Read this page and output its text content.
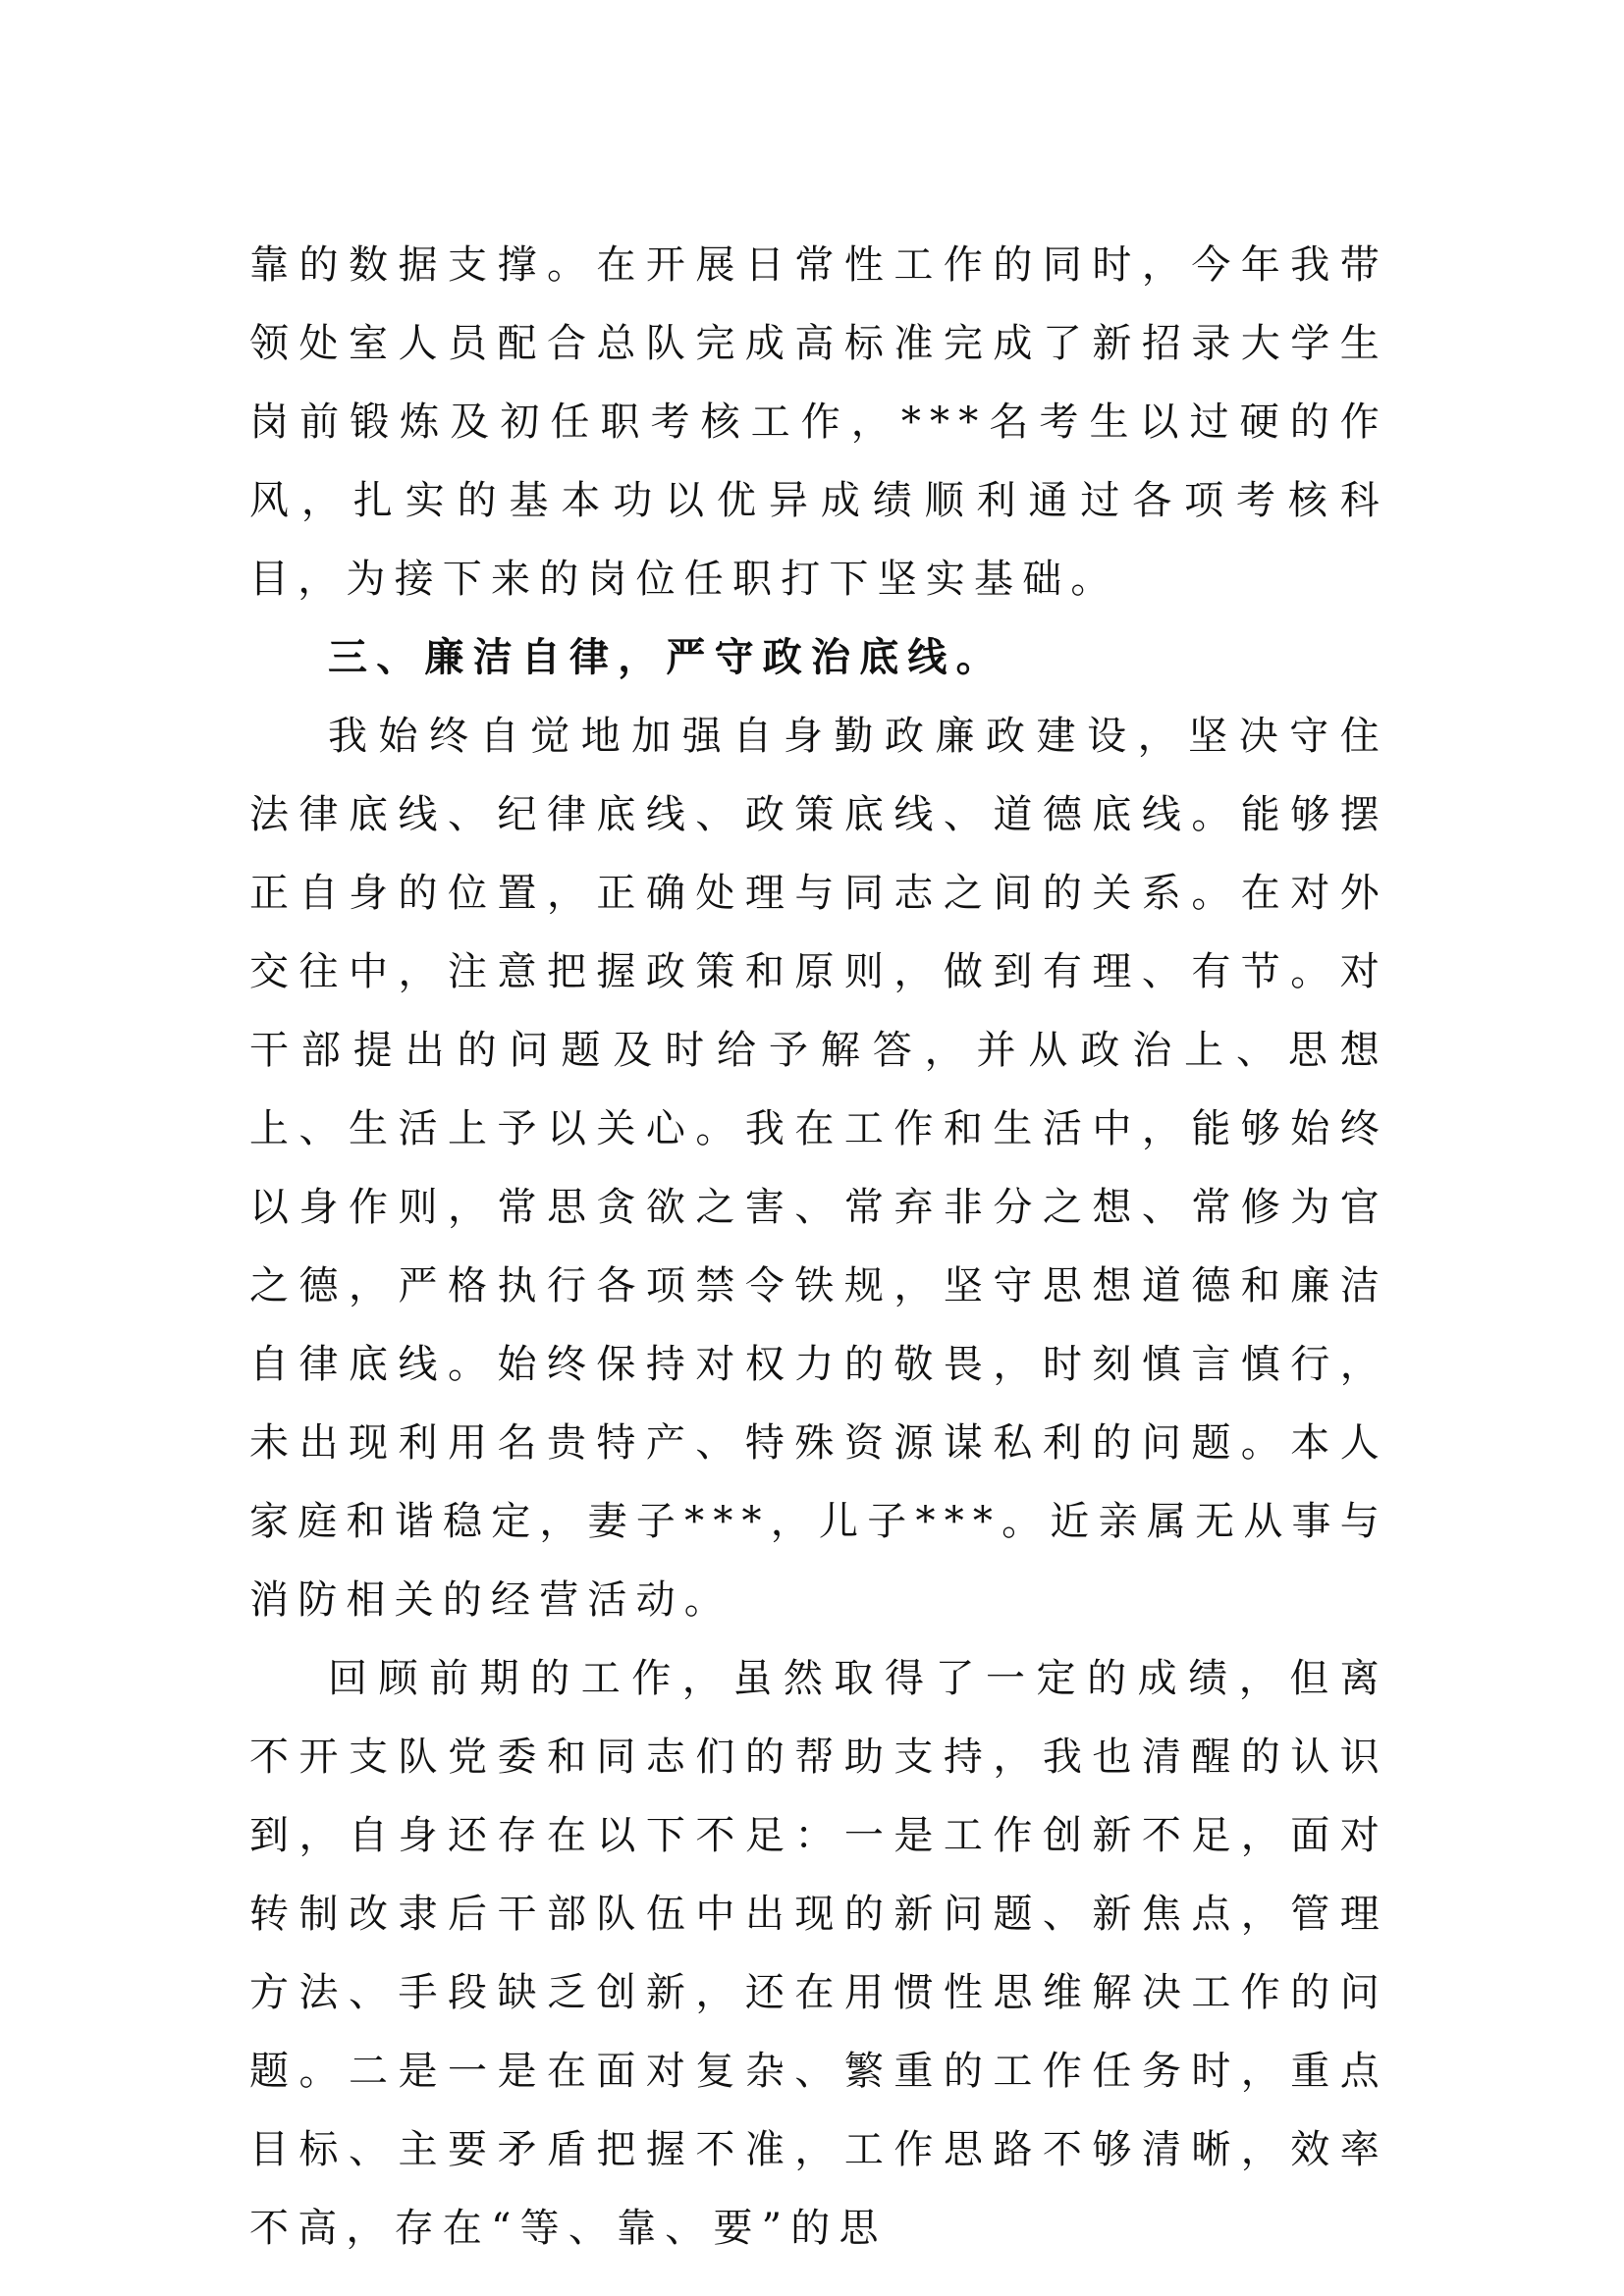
靠的数据支撑。在开展日常性工作的同时，今年我带领处室人员配合总队完成高标准完成了新招录大学生岗前锻炼及初任职考核工作，***名考生以过硬的作风，扎实的基本功以优异成绩顺利通过各项考核科目，为接下来的岗位任职打下坚实基础。

三、廉洁自律，严守政治底线。

我始终自觉地加强自身勤政廉政建设，坚决守住法律底线、纪律底线、政策底线、道德底线。能够摆正自身的位置，正确处理与同志之间的关系。在对外交往中，注意把握政策和原则，做到有理、有节。对干部提出的问题及时给予解答，并从政治上、思想上、生活上予以关心。我在工作和生活中，能够始终以身作则，常思贪欲之害、常弃非分之想、常修为官之德，严格执行各项禁令铁规，坚守思想道德和廉洁自律底线。始终保持对权力的敬畏，时刻慎言慎行，未出现利用名贵特产、特殊资源谋私利的问题。本人家庭和谐稳定，妻子***，儿子***。近亲属无从事与消防相关的经营活动。

回顾前期的工作，虽然取得了一定的成绩，但离不开支队党委和同志们的帮助支持，我也清醒的认识到，自身还存在以下不足：一是工作创新不足，面对转制改隶后干部队伍中出现的新问题、新焦点，管理方法、手段缺乏创新，还在用惯性思维解决工作的问题。二是一是在面对复杂、繁重的工作任务时，重点目标、主要矛盾把握不准，工作思路不够清晰，效率不高，存在“等、靠、要”的思
